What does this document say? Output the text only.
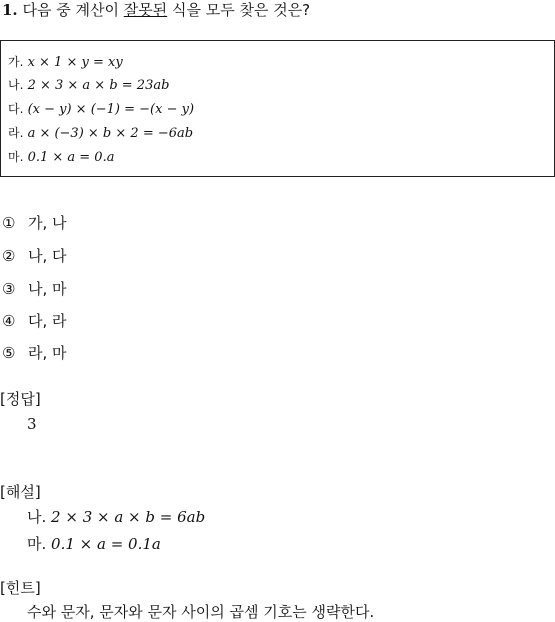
1. 다음 중 계산이 잘못된 식을 모두 찾은 것은?
가. x × 1 × y = xy
나. 2 × 3 × a × b = 23ab
다. (x − y) × (−1) = −(x − y)
라. a × (−3) × b × 2 = −6ab
마. 0.1 × a = 0.a
① 가, 나
② 나, 다
③ 나, 마
④ 다, 라
⑤ 라, 마
[정답]
3
[해설]
나. 2 × 3 × a × b = 6ab
마. 0.1 × a = 0.1a
[힌트]
수와 문자, 문자와 문자 사이의 곱셈 기호는 생략한다.
